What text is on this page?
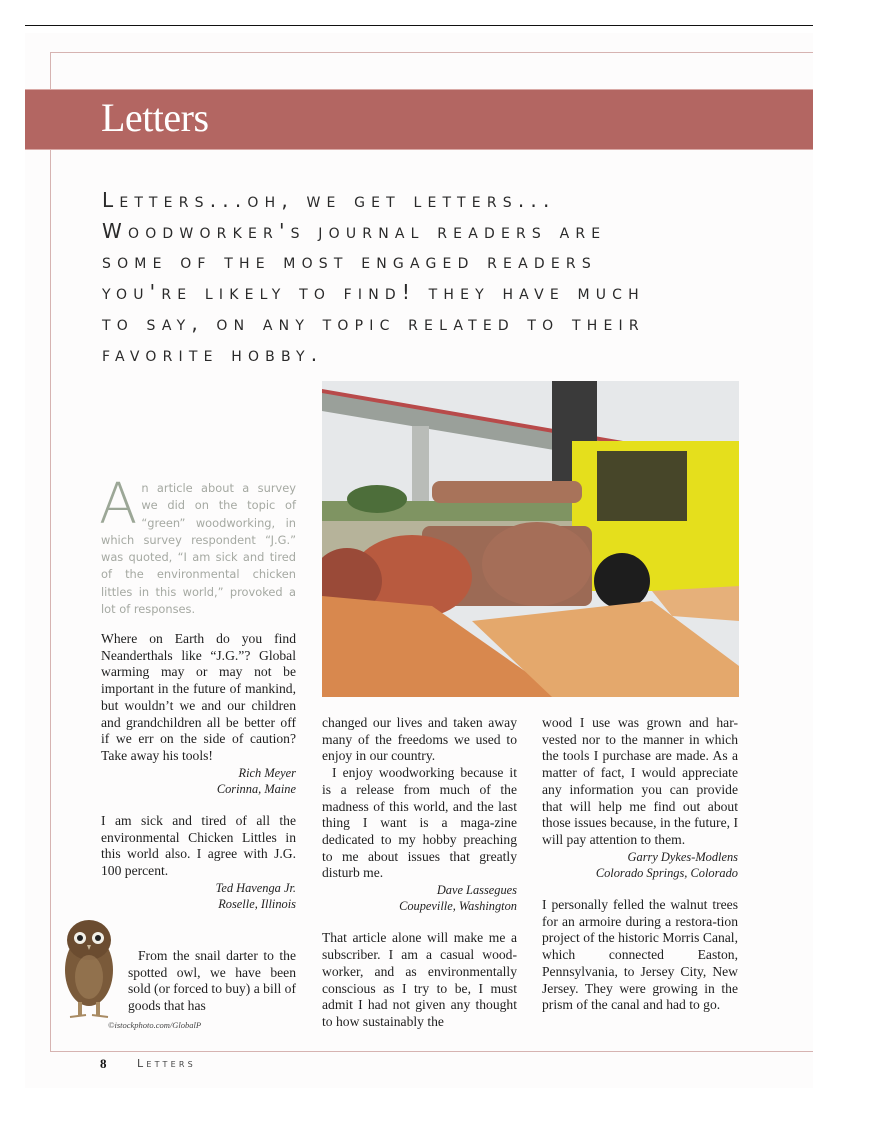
Letters
Letters...oh, we get letters...
Woodworker's journal readers are
some of the most engaged readers
you're likely to find! they have much
to say, on any topic related to their
favorite hobby.
An article about a survey we did on the topic of “green” woodworking, in which survey respondent “J.G.” was quoted, “I am sick and tired of the environmental chicken littles in this world,” provoked a lot of responses.

Where on Earth do you find Neanderthals like “J.G.”? Global warming may or may not be important in the future of mankind, but wouldn’t we and our children and grandchildren all be better off if we err on the side of caution? Take away his tools!

Rich Meyer
Corinna, Maine

I am sick and tired of all the environmental Chicken Littles in this world also. I agree with J.G. 100 percent.

Ted Havenga Jr.
Roselle, Illinois

From the snail darter to the spotted owl, we have been sold (or forced to buy) a bill of goods that has

©istockphoto.com/GlobalP

changed our lives and taken away many of the freedoms we used to enjoy in our country.

I enjoy woodworking because it is a release from much of the madness of this world, and the last thing I want is a maga-zine dedicated to my hobby preaching to me about issues that greatly disturb me.

Dave Lassegues
Coupeville, Washington

That article alone will make me a subscriber. I am a casual wood-worker, and as environmentally conscious as I try to be, I must admit I had not given any thought to how sustainably the

wood I use was grown and har-vested nor to the manner in which the tools I purchase are made. As a matter of fact, I would appreciate any information you can provide that will help me find out about those issues because, in the future, I will pay attention to them.

Garry Dykes-Modlens
Colorado Springs, Colorado

I personally felled the walnut trees for an armoire during a restora-tion project of the historic Morris Canal, which connected Easton, Pennsylvania, to Jersey City, New Jersey. They were growing in the prism of the canal and had to go.

8	Letters
